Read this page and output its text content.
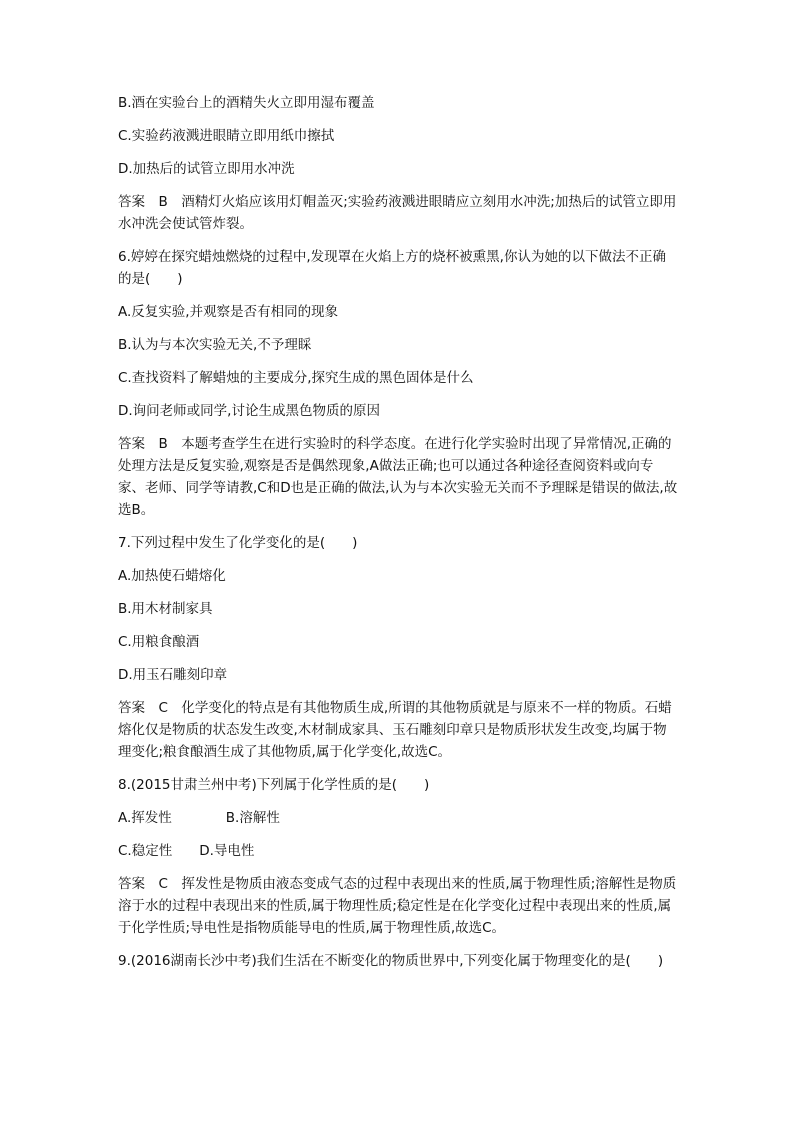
B.酒在实验台上的酒精失火立即用湿布覆盖

C.实验药液溅进眼睛立即用纸巾擦拭

D.加热后的试管立即用水冲洗

答案　B　酒精灯火焰应该用灯帽盖灭;实验药液溅进眼睛应立刻用水冲洗;加热后的试管立即用水冲洗会使试管炸裂。

6.婷婷在探究蜡烛燃烧的过程中,发现罩在火焰上方的烧杯被熏黑,你认为她的以下做法不正确的是(　　)

A.反复实验,并观察是否有相同的现象

B.认为与本次实验无关,不予理睬

C.查找资料了解蜡烛的主要成分,探究生成的黑色固体是什么

D.询问老师或同学,讨论生成黑色物质的原因

答案　B　本题考查学生在进行实验时的科学态度。在进行化学实验时出现了异常情况,正确的处理方法是反复实验,观察是否是偶然现象,A做法正确;也可以通过各种途径查阅资料或向专家、老师、同学等请教,C和D也是正确的做法,认为与本次实验无关而不予理睬是错误的做法,故选B。

7.下列过程中发生了化学变化的是(　　)

A.加热使石蜡熔化

B.用木材制家具

C.用粮食酿酒

D.用玉石雕刻印章

答案　C　化学变化的特点是有其他物质生成,所谓的其他物质就是与原来不一样的物质。石蜡熔化仅是物质的状态发生改变,木材制成家具、玉石雕刻印章只是物质形状发生改变,均属于物理变化;粮食酿酒生成了其他物质,属于化学变化,故选C。

8.(2015甘肃兰州中考)下列属于化学性质的是(　　)

A.挥发性　　　　B.溶解性

C.稳定性　　D.导电性

答案　C　挥发性是物质由液态变成气态的过程中表现出来的性质,属于物理性质;溶解性是物质溶于水的过程中表现出来的性质,属于物理性质;稳定性是在化学变化过程中表现出来的性质,属于化学性质;导电性是指物质能导电的性质,属于物理性质,故选C。

9.(2016湖南长沙中考)我们生活在不断变化的物质世界中,下列变化属于物理变化的是(　　)
